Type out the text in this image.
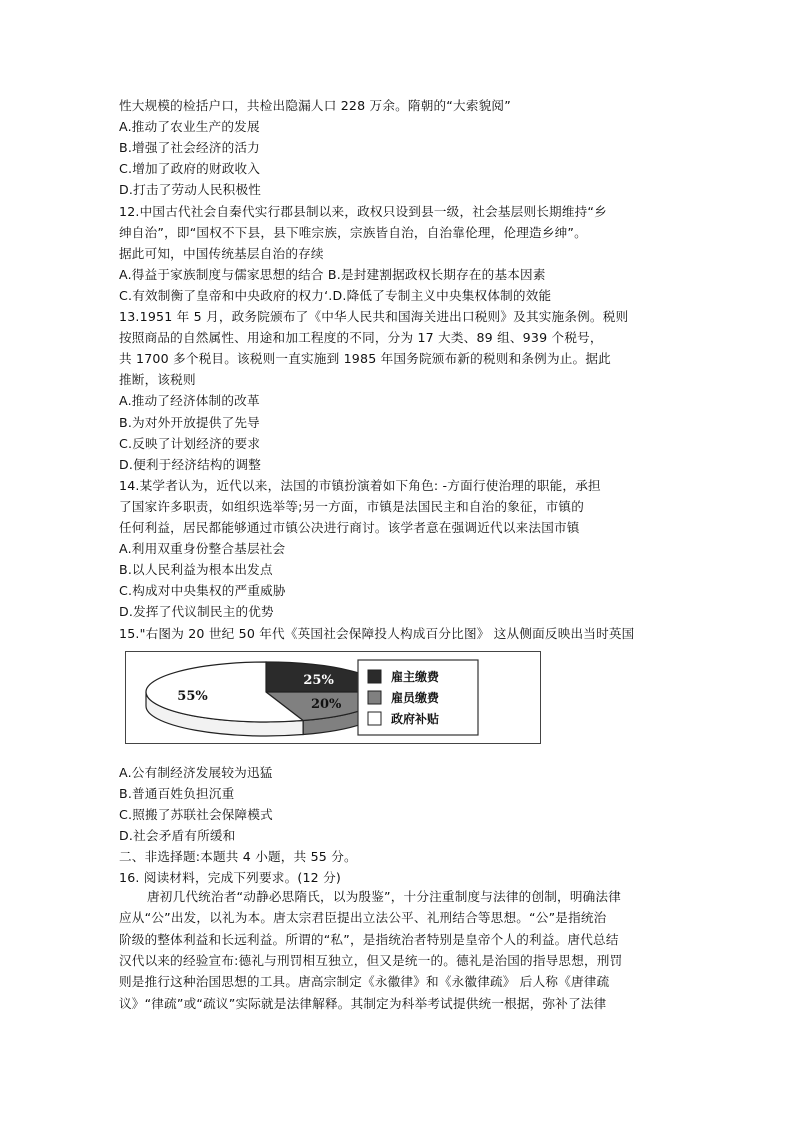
性大规模的检括户口，共检出隐漏人口 228 万余。隋朝的“大索貌阅”
A.推动了农业生产的发展
B.增强了社会经济的活力
C.增加了政府的财政收入
D.打击了劳动人民积极性
12.中国古代社会自秦代实行郡县制以来，政权只设到县一级，社会基层则长期维持“乡
绅自治”，即“国权不下县，县下唯宗族，宗族皆自治，自治靠伦理，伦理造乡绅”。
据此可知，中国传统基层自治的存续
A.得益于家族制度与儒家思想的结合 B.是封建割据政权长期存在的基本因素
C.有效制衡了皇帝和中央政府的权力‘.D.降低了专制主义中央集权体制的效能
13.1951 年 5 月，政务院颁布了《中华人民共和国海关进出口税则》及其实施条例。税则
按照商品的自然属性、用途和加工程度的不同，分为 17 大类、89 组、939 个税号，
共 1700 多个税目。该税则一直实施到 1985 年国务院颁布新的税则和条例为止。据此
推断，该税则
A.推动了经济体制的改革
B.为对外开放提供了先导
C.反映了计划经济的要求
D.便利于经济结构的调整
14.某学者认为，近代以来，法国的市镇扮演着如下角色: -方面行使治理的职能，承担
了国家许多职责，如组织选举等;另一方面，市镇是法国民主和自治的象征，市镇的
任何利益，居民都能够通过市镇公决进行商讨。该学者意在强调近代以来法国市镇
A.利用双重身份整合基层社会
B.以人民利益为根本出发点
C.构成对中央集权的严重威胁
D.发挥了代议制民主的优势
15."右图为 20 世纪 50 年代《英国社会保障投人构成百分比图》 这从侧面反映出当时英国
25%
20%
55%
雇主缴费
雇员缴费
政府补贴
A.公有制经济发展较为迅猛
B.普通百姓负担沉重
C.照搬了苏联社会保障模式
D.社会矛盾有所缓和
二、非选择题:本题共 4 小题，共 55 分。
16. 阅读材料，完成下列要求。(12 分)
唐初几代统治者“动静必思隋氏，以为殷鉴”，十分注重制度与法律的创制，明确法律
应从“公”出发，以礼为本。唐太宗君臣提出立法公平、礼刑结合等思想。“公”是指统治
阶级的整体利益和长远利益。所谓的“私”，是指统治者特别是皇帝个人的利益。唐代总结
汉代以来的经验宣布:德礼与刑罚相互独立，但又是统一的。德礼是治国的指导思想，刑罚
则是推行这种治国思想的工具。唐高宗制定《永徽律》和《永徽律疏》 后人称《唐律疏
议》“律疏”或“疏议”实际就是法律解释。其制定为科举考试提供统一根据，弥补了法律
